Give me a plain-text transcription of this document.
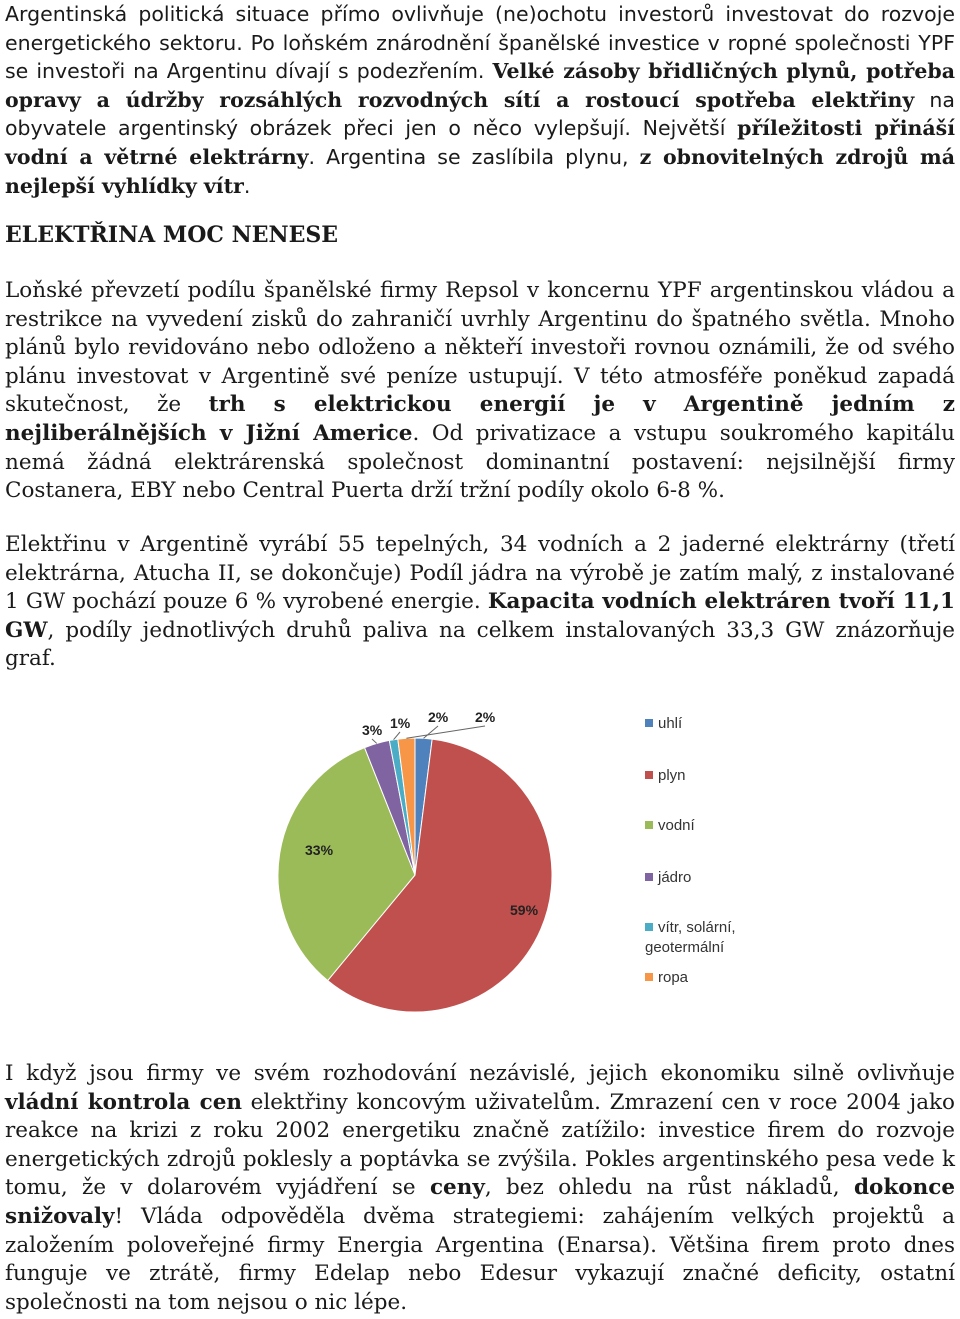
Argentinská politická situace přímo ovlivňuje (ne)ochotu investorů investovat do rozvoje energetického sektoru. Po loňském znárodnění španělské investice v ropné společnosti YPF se investoři na Argentinu dívají s podezřením. Velké zásoby břidličných plynů, potřeba opravy a údržby rozsáhlých rozvodných sítí a rostoucí spotřeba elektřiny na obyvatele argentinský obrázek přeci jen o něco vylepšují. Největší příležitosti přináší vodní a větrné elektrárny. Argentina se zaslíbila plynu, z obnovitelných zdrojů má nejlepší vyhlídky vítr.

ELEKTŘINA MOC NENESE

Loňské převzetí podílu španělské firmy Repsol v koncernu YPF argentinskou vládou a restrikce na vyvedení zisků do zahraničí uvrhly Argentinu do špatného světla. Mnoho plánů bylo revidováno nebo odloženo a někteří investoři rovnou oznámili, že od svého plánu investovat v Argentině své peníze ustupují. V této atmosféře poněkud zapadá skutečnost, že trh s elektrickou energií je v Argentině jedním z nejliberálnějších v Jižní Americe. Od privatizace a vstupu soukromého kapitálu nemá žádná elektrárenská společnost dominantní postavení: nejsilnější firmy Costanera, EBY nebo Central Puerta drží tržní podíly okolo 6-8 %.

Elektřinu v Argentině vyrábí 55 tepelných, 34 vodních a 2 jaderné elektrárny (třetí elektrárna, Atucha II, se dokončuje) Podíl jádra na výrobě je zatím malý, z instalované 1 GW pochází pouze 6 % vyrobené energie. Kapacita vodních elektráren tvoří 11,1 GW, podíly jednotlivých druhů paliva na celkem instalovaných 33,3 GW znázorňuje graf.

2%
59%
33%
3% 1%	2%	uhlí
plyn
vodní
jádro
vítr, solární,
geotermální
ropa

I když jsou firmy ve svém rozhodování nezávislé, jejich ekonomiku silně ovlivňuje vládní kontrola cen elektřiny koncovým uživatelům. Zmrazení cen v roce 2004 jako reakce na krizi z roku 2002 energetiku značně zatížilo: investice firem do rozvoje energetických zdrojů poklesly a poptávka se zvýšila. Pokles argentinského pesa vede k tomu, že v dolarovém vyjádření se ceny, bez ohledu na růst nákladů, dokonce snižovaly! Vláda odpověděla dvěma strategiemi: zahájením velkých projektů a založením poloveřejné firmy Energia Argentina (Enarsa). Většina firem proto dnes funguje ve ztrátě, firmy Edelap nebo Edesur vykazují značné deficity, ostatní společnosti na tom nejsou o nic lépe.
